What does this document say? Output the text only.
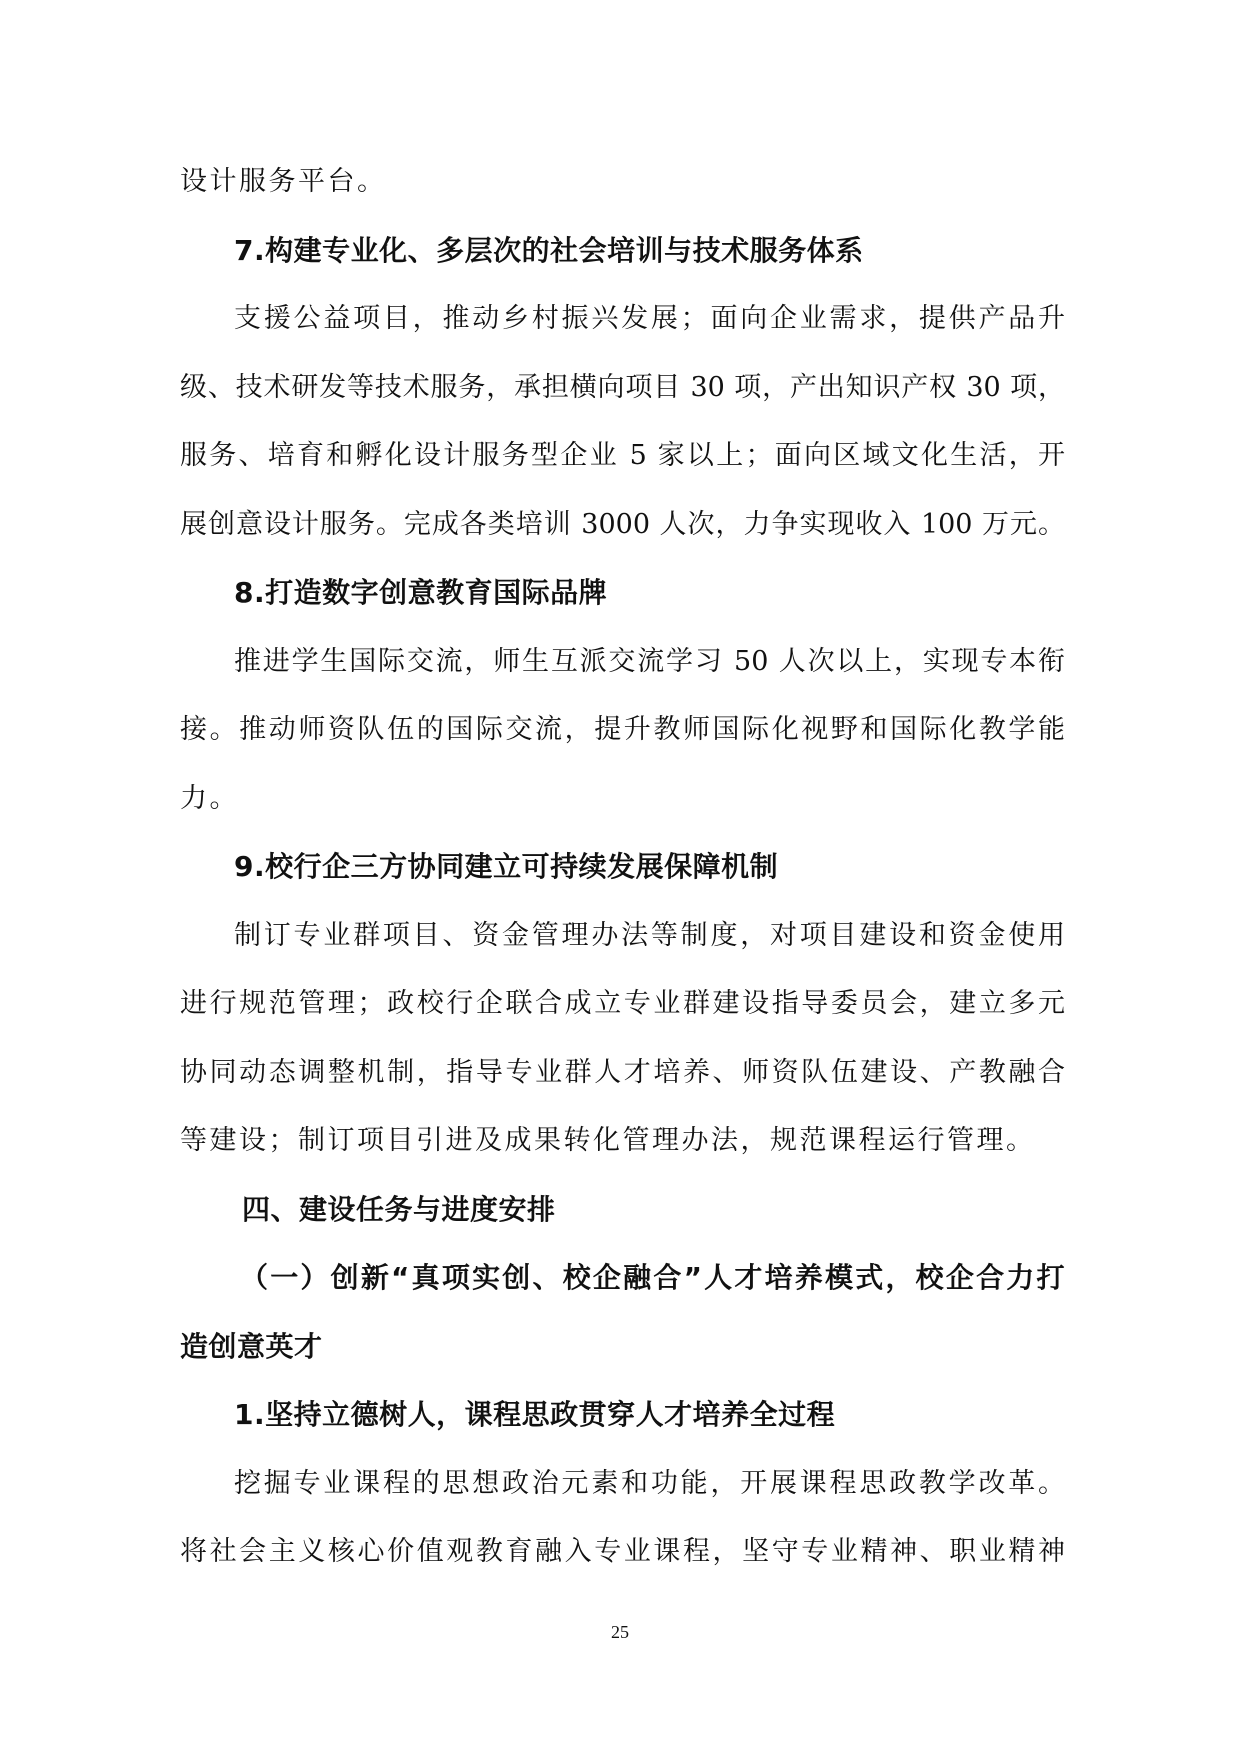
设计服务平台。
7.构建专业化、多层次的社会培训与技术服务体系
支援公益项目，推动乡村振兴发展；面向企业需求，提供产品升
级、技术研发等技术服务，承担横向项目 30 项，产出知识产权 30 项，
服务、培育和孵化设计服务型企业 5 家以上；面向区域文化生活，开
展创意设计服务。完成各类培训 3000 人次，力争实现收入 100 万元。
8.打造数字创意教育国际品牌
推进学生国际交流，师生互派交流学习 50 人次以上，实现专本衔
接。推动师资队伍的国际交流，提升教师国际化视野和国际化教学能
力。
9.校行企三方协同建立可持续发展保障机制
制订专业群项目、资金管理办法等制度，对项目建设和资金使用
进行规范管理；政校行企联合成立专业群建设指导委员会，建立多元
协同动态调整机制，指导专业群人才培养、师资队伍建设、产教融合
等建设；制订项目引进及成果转化管理办法，规范课程运行管理。
四、建设任务与进度安排
（一）创新“真项实创、校企融合”人才培养模式，校企合力打
造创意英才
1.坚持立德树人，课程思政贯穿人才培养全过程
挖掘专业课程的思想政治元素和功能，开展课程思政教学改革。
将社会主义核心价值观教育融入专业课程，坚守专业精神、职业精神
25
